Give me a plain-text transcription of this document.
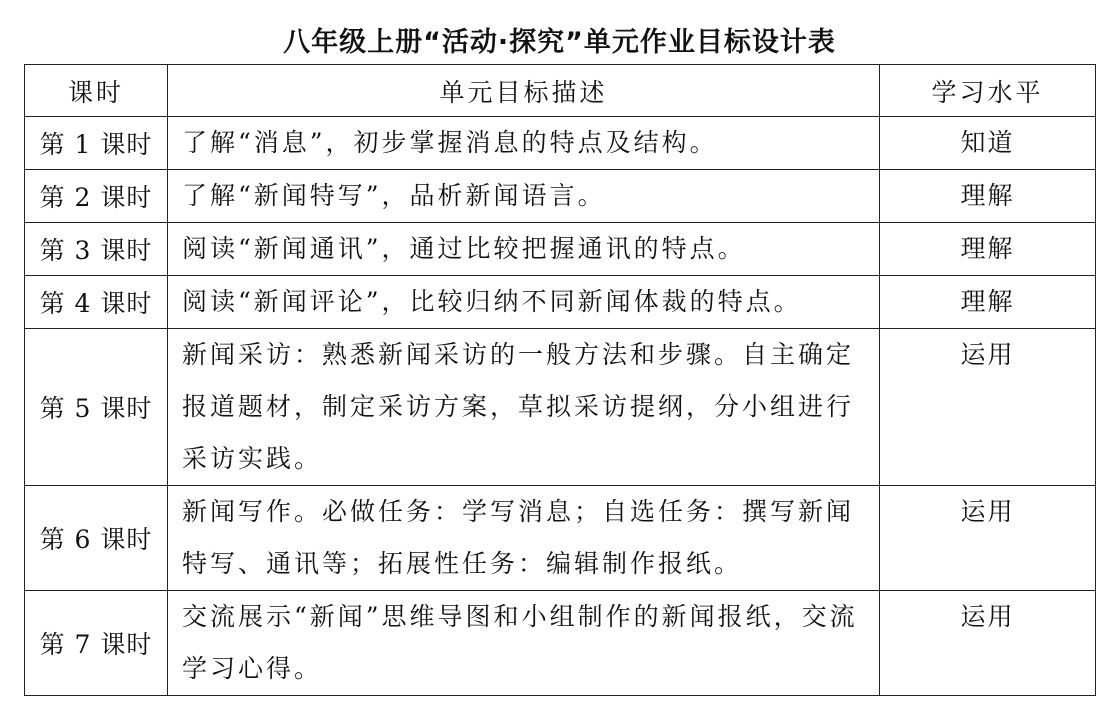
八年级上册“活动·探究”单元作业目标设计表
课时	单元目标描述	学习水平
第 1 课时	了解“消息”，初步掌握消息的特点及结构。	知道
第 2 课时	了解“新闻特写”，品析新闻语言。	理解
第 3 课时	阅读“新闻通讯”，通过比较把握通讯的特点。	理解
第 4 课时	阅读“新闻评论”，比较归纳不同新闻体裁的特点。	理解
第 5 课时	新闻采访：熟悉新闻采访的一般方法和步骤。自主确定报道题材，制定采访方案，草拟采访提纲，分小组进行采访实践。	运用
第 6 课时	新闻写作。必做任务：学写消息；自选任务：撰写新闻特写、通讯等；拓展性任务：编辑制作报纸。	运用
第 7 课时	交流展示“新闻”思维导图和小组制作的新闻报纸，交流学习心得。	运用
